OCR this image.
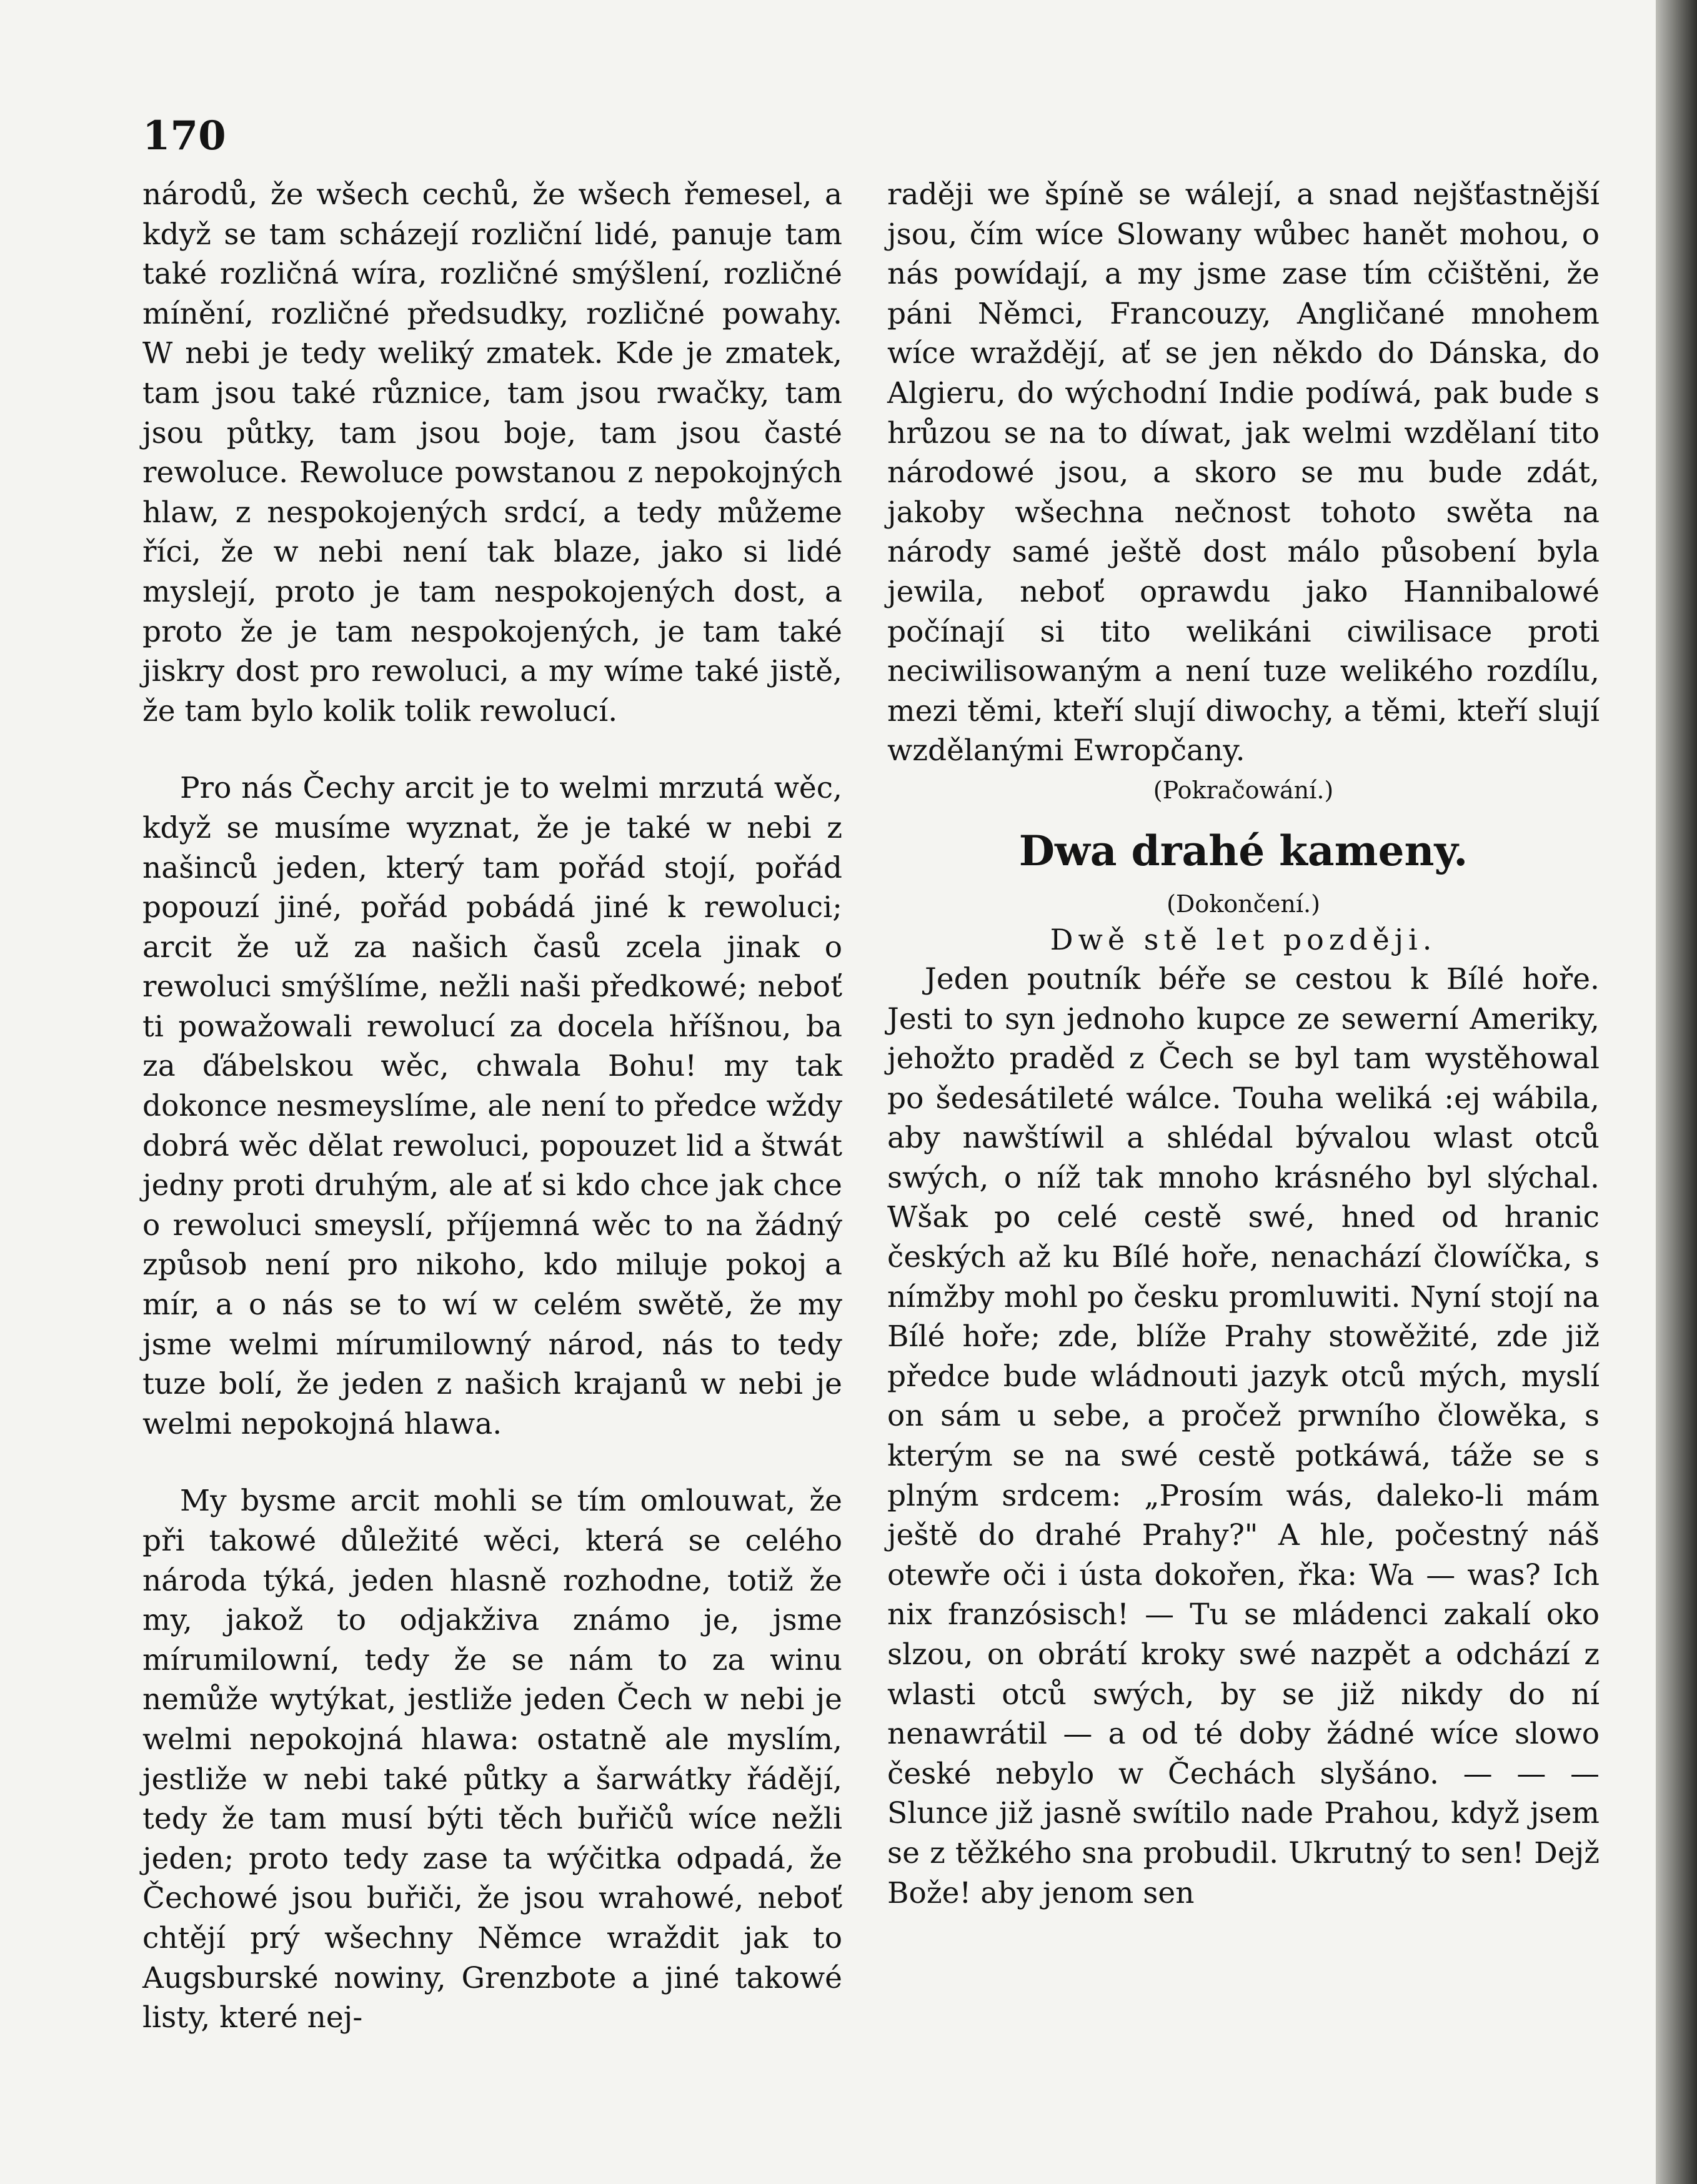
170

národů, že wšech cechů, že wšech řemesel, a když se tam scházejí rozliční lidé, panuje tam také rozličná wíra, rozličné smýšlení, rozličné mínění, rozličné předsudky, rozličné powahy. W nebi je tedy weliký zmatek. Kde je zmatek, tam jsou také různice, tam jsou rwačky, tam jsou půtky, tam jsou boje, tam jsou časté rewoluce. Rewoluce powstanou z nepokojných hlaw, z nespokojených srdcí, a tedy můžeme říci, že w nebi není tak blaze, jako si lidé myslejí, proto je tam nespokojených dost, a proto že je tam nespokojených, je tam také jiskry dost pro rewoluci, a my wíme také jistě, že tam bylo kolik tolik rewolucí.

Pro nás Čechy arcit je to welmi mrzutá wěc, když se musíme wyznat, že je také w nebi z našinců jeden, který tam pořád stojí, pořád popouzí jiné, pořád pobádá jiné k rewoluci; arcit že už za našich časů zcela jinak o rewoluci smýšlíme, nežli naši předkowé; neboť ti powažowali rewolucí za docela hříšnou, ba za ďábelskou wěc, chwala Bohu! my tak dokonce nesmeyslíme, ale není to předce wždy dobrá wěc dělat rewoluci, popouzet lid a štwát jedny proti druhým, ale ať si kdo chce jak chce o rewoluci smeyslí, příjemná wěc to na žádný způsob není pro nikoho, kdo miluje pokoj a mír, a o nás se to wí w celém swětě, že my jsme welmi mírumilowný národ, nás to tedy tuze bolí, že jeden z našich krajanů w nebi je welmi nepokojná hlawa.

My bysme arcit mohli se tím omlouwat, že při takowé důležité wěci, která se celého národa týká, jeden hlasně rozhodne, totiž že my, jakož to odjakživa známo je, jsme mírumilowní, tedy že se nám to za winu nemůže wytýkat, jestliže jeden Čech w nebi je welmi nepokojná hlawa: ostatně ale myslím, jestliže w nebi také půtky a šarwátky řádějí, tedy že tam musí býti těch buřičů wíce nežli jeden; proto tedy zase ta wýčitka odpadá, že Čechowé jsou buřiči, že jsou wrahowé, neboť chtějí prý wšechny Němce wraždit jak to Augsburské nowiny, Grenzbote a jiné takowé listy, které nej-

raději we špíně se wálejí, a snad nejšťastnější jsou, čím wíce Slowany wůbec hanět mohou, o nás powídají, a my jsme zase tím cčištěni, že páni Němci, Francouzy, Angličané mnohem wíce wraždějí, ať se jen někdo do Dánska, do Algieru, do wýchodní Indie podíwá, pak bude s hrůzou se na to díwat, jak welmi wzdělaní tito národowé jsou, a skoro se mu bude zdát, jakoby wšechna nečnost tohoto swěta na národy samé ještě dost málo působení byla jewila, neboť oprawdu jako Hannibalowé počínají si tito welikáni ciwilisace proti neciwilisowaným a není tuze welikého rozdílu, mezi těmi, kteří slují diwochy, a těmi, kteří slují wzdělanými Ewropčany.

(Pokračowání.)

Dwa drahé kameny.

(Dokončení.)

Dwě stě let později.

Jeden poutník béře se cestou k Bílé hoře. Jesti to syn jednoho kupce ze sewerní Ameriky, jehožto praděd z Čech se byl tam wystěhowal po šedesátileté wálce. Touha weliká :ej wábila, aby nawštíwil a shlédal bývalou wlast otců swých, o níž tak mnoho krásného byl slýchal. Wšak po celé cestě swé, hned od hranic českých až ku Bílé hoře, nenachází člowíčka, s nímžby mohl po česku promluwiti. Nyní stojí na Bílé hoře; zde, blíže Prahy stowěžité, zde již předce bude wládnouti jazyk otců mých, myslí on sám u sebe, a pročež prwního člowěka, s kterým se na swé cestě potkáwá, táže se s plným srdcem: „Prosím wás, daleko-li mám ještě do drahé Prahy?" A hle, počestný náš otewře oči i ústa dokořen, řka: Wa — was? Ich nix franzósisch! — Tu se mládenci zakalí oko slzou, on obrátí kroky swé nazpět a odchází z wlasti otců swých, by se již nikdy do ní nenawrátil — a od té doby žádné wíce slowo české nebylo w Čechách slyšáno. — — — Slunce již jasně swítilo nade Prahou, když jsem se z těžkého sna probudil. Ukrutný to sen! Dejž Bože! aby jenom sen
